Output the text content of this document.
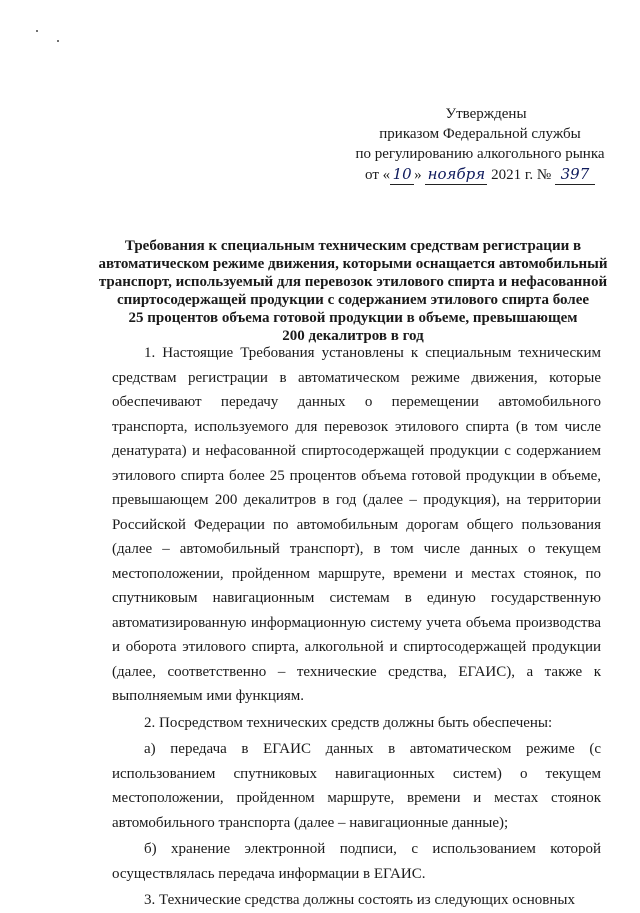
Утверждены
приказом Федеральной службы
по регулированию алкогольного рынка
от « 10 » ноября 2021 г. № 397
Требования к специальным техническим средствам регистрации в
автоматическом режиме движения, которыми оснащается автомобильный
транспорт, используемый для перевозок этилового спирта и нефасованной
спиртосодержащей продукции с содержанием этилового спирта более
25 процентов объема готовой продукции в объеме, превышающем
200 декалитров в год

1. Настоящие Требования установлены к специальным техническим средствам регистрации в автоматическом режиме движения, которые обеспечивают передачу данных о перемещении автомобильного транспорта, используемого для перевозок этилового спирта (в том числе денатурата) и нефасованной спиртосодержащей продукции с содержанием этилового спирта более 25 процентов объема готовой продукции в объеме, превышающем 200 декалитров в год (далее – продукция), на территории Российской Федерации по автомобильным дорогам общего пользования (далее – автомобильный транспорт), в том числе данных о текущем местоположении, пройденном маршруте, времени и местах стоянок, по спутниковым навигационным системам в единую государственную автоматизированную информационную систему учета объема производства и оборота этилового спирта, алкогольной и спиртосодержащей продукции (далее, соответственно – технические средства, ЕГАИС), а также к выполняемым ими функциям.

2. Посредством технических средств должны быть обеспечены:

а) передача в ЕГАИС данных в автоматическом режиме (с использованием спутниковых навигационных систем) о текущем местоположении, пройденном маршруте, времени и местах стоянок автомобильного транспорта (далее – навигационные данные);

б) хранение электронной подписи, с использованием которой осуществлялась передача информации в ЕГАИС.

3. Технические средства должны состоять из следующих основных
